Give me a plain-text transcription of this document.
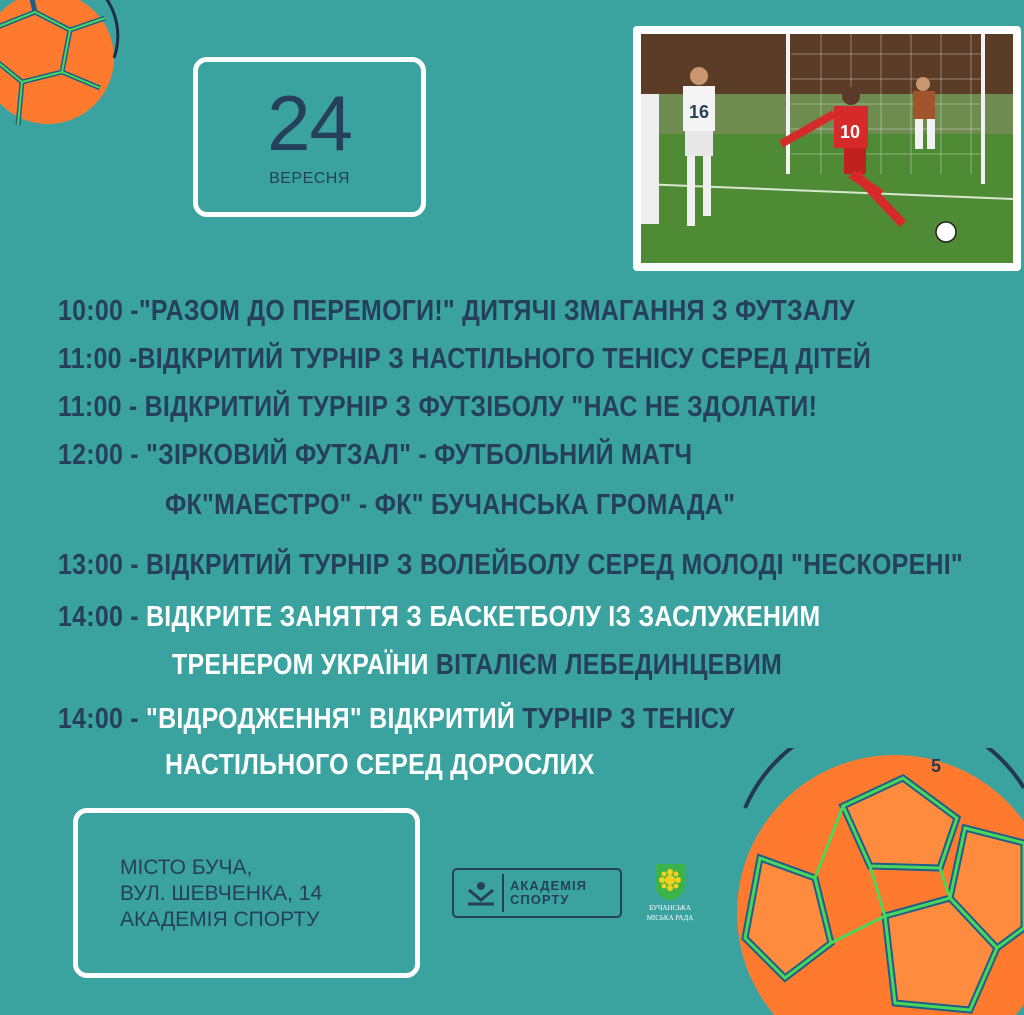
5
24
ВЕРЕСНЯ
16
10
10:00 -"РАЗОМ ДО ПЕРЕМОГИ!" ДИТЯЧІ ЗМАГАННЯ З ФУТЗАЛУ
11:00 -ВІДКРИТИЙ ТУРНІР З НАСТІЛЬНОГО ТЕНІСУ СЕРЕД ДІТЕЙ
11:00 - ВІДКРИТИЙ ТУРНІР З ФУТЗІБОЛУ "НАС НЕ ЗДОЛАТИ!
12:00 - "ЗІРКОВИЙ ФУТЗАЛ" - ФУТБОЛЬНИЙ МАТЧ
ФК"МАЕСТРО" - ФК" БУЧАНСЬКА ГРОМАДА"
13:00 - ВІДКРИТИЙ ТУРНІР З ВОЛЕЙБОЛУ СЕРЕД МОЛОДІ "НЕСКОРЕНІ"
14:00 - ВІДКРИТЕ ЗАНЯТТЯ З БАСКЕТБОЛУ ІЗ ЗАСЛУЖЕНИМ
ТРЕНЕРОМ УКРАЇНИ ВІТАЛІЄМ ЛЕБЕДИНЦЕВИМ
14:00 - "ВІДРОДЖЕННЯ" ВІДКРИТИЙ ТУРНІР З ТЕНІСУ
НАСТІЛЬНОГО СЕРЕД ДОРОСЛИХ
МІСТО БУЧА,
ВУЛ. ШЕВЧЕНКА, 14
АКАДЕМІЯ СПОРТУ
АКАДЕМІЯ
СПОРТУ
БУЧАНСЬКА
МІСЬКА РАДА
